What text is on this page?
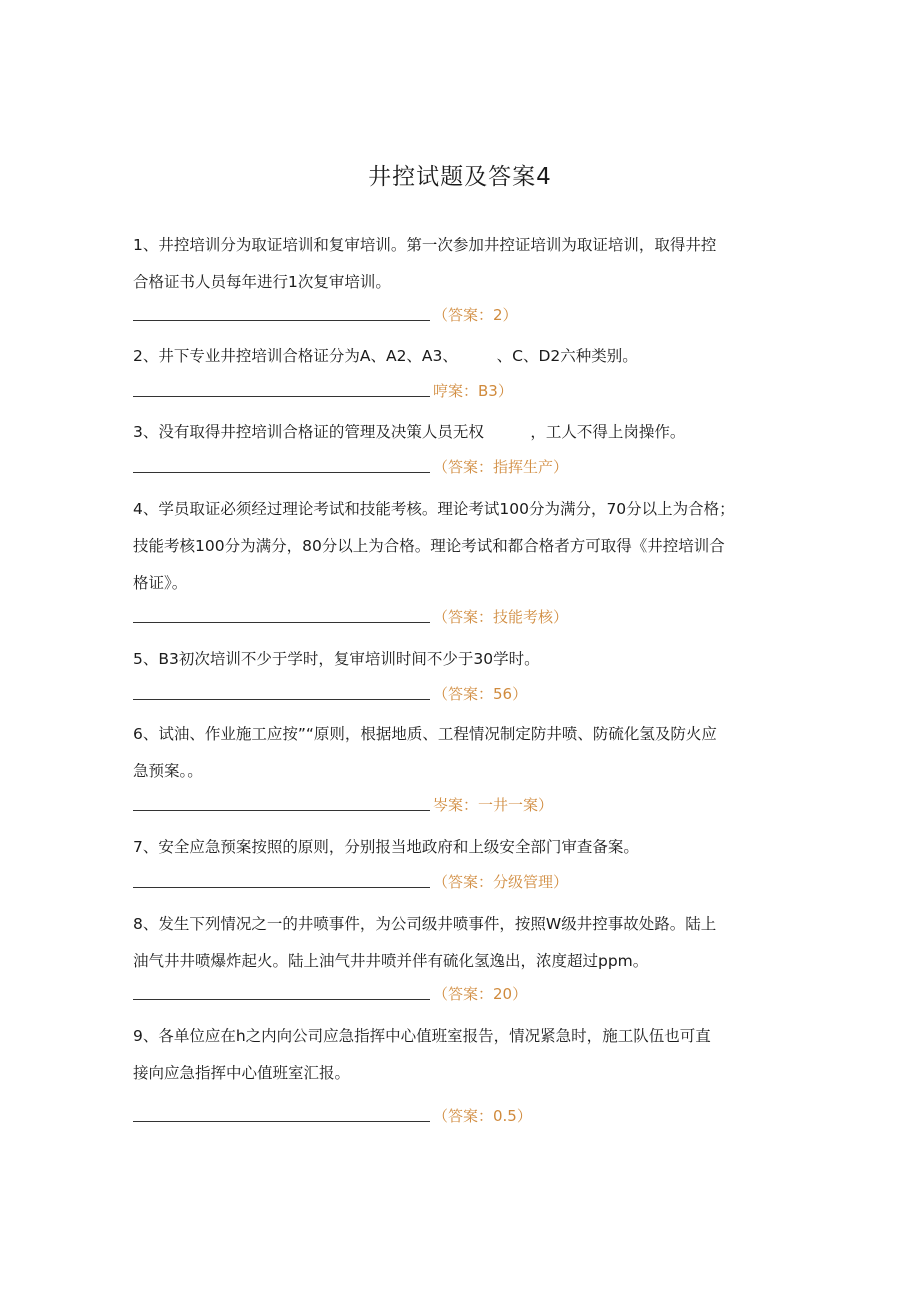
井控试题及答案4
1、井控培训分为取证培训和复审培训。第一次参加井控证培训为取证培训，取得井控
合格证书人员每年进行1次复审培训。
（答案：2）
2、井下专业井控培训合格证分为A、A2、A3、　　　、C、D2六种类别。
哼案：B3）
3、没有取得井控培训合格证的管理及决策人员无权　　　，工人不得上岗操作。
（答案：指挥生产）
4、学员取证必须经过理论考试和技能考核。理论考试100分为满分，70分以上为合格；
技能考核100分为满分，80分以上为合格。理论考试和都合格者方可取得《井控培训合
格证》。
（答案：技能考核）
5、B3初次培训不少于学时，复审培训时间不少于30学时。
（答案：56）
6、试油、作业施工应按”“原则，根据地质、工程情况制定防井喷、防硫化氢及防火应
急预案。。
岑案：一井一案）
7、安全应急预案按照的原则，分别报当地政府和上级安全部门审查备案。
（答案：分级管理）
8、发生下列情况之一的井喷事件，为公司级井喷事件，按照W级井控事故处路。陆上
油气井井喷爆炸起火。陆上油气井井喷并伴有硫化氢逸出，浓度超过ppm。
（答案：20）
9、各单位应在h之内向公司应急指挥中心值班室报告，情况紧急时，施工队伍也可直
接向应急指挥中心值班室汇报。
（答案：0.5）
